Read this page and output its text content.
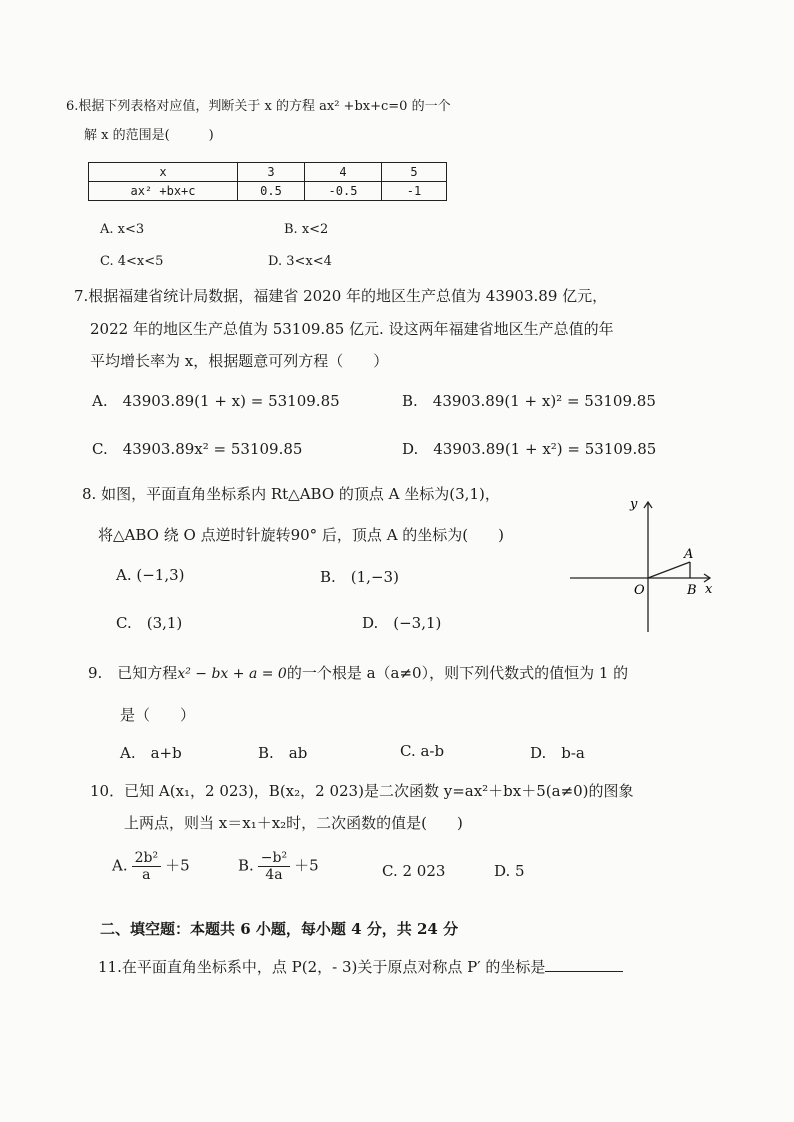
6.根据下列表格对应值，判断关于 x 的方程 ax² +bx+c=0 的一个
解 x 的范围是(　　　)
x	3	4	5
ax² +bx+c	0.5	-0.5	-1
A. x<3	B. x<2
C. 4<x<5	D. 3<x<4
7.根据福建省统计局数据，福建省 2020 年的地区生产总值为 43903.89 亿元，
2022 年的地区生产总值为 53109.85 亿元. 设这两年福建省地区生产总值的年
平均增长率为 x，根据题意可列方程（　　）
A.　43903.89(1 + x) = 53109.85	B.　43903.89(1 + x)² = 53109.85
C.　43903.89x² = 53109.85	D.　43903.89(1 + x²) = 53109.85
8. 如图，平面直角坐标系内 Rt△ABO 的顶点 A 坐标为(3,1)，
将△ABO 绕 O 点逆时针旋转90° 后，顶点 A 的坐标为(　　)
A. (−1,3)	B.　(1,−3)
C.　(3,1)	D.　(−3,1)
y
x
O
A
B
9.　已知方程x² − bx + a = 0的一个根是 a（a≠0），则下列代数式的值恒为 1 的
是（　　）
A.　a+b	B.　ab	C. a-b	D.　b-a
10．已知 A(x₁，2 023)，B(x₂，2 023)是二次函数 y=ax²＋bx＋5(a≠0)的图象
上两点，则当 x＝x₁＋x₂时，二次函数的值是(　　)
A. $\frac{\text{2b²}}{a} +5$	B. $\frac{\text{−b²}}{4a} +5$	C. 2 023	D. 5
二、填空题：本题共 6 小题，每小题 4 分，共 24 分
11.在平面直角坐标系中，点 P(2，- 3)关于原点对称点 P′ 的坐标是
